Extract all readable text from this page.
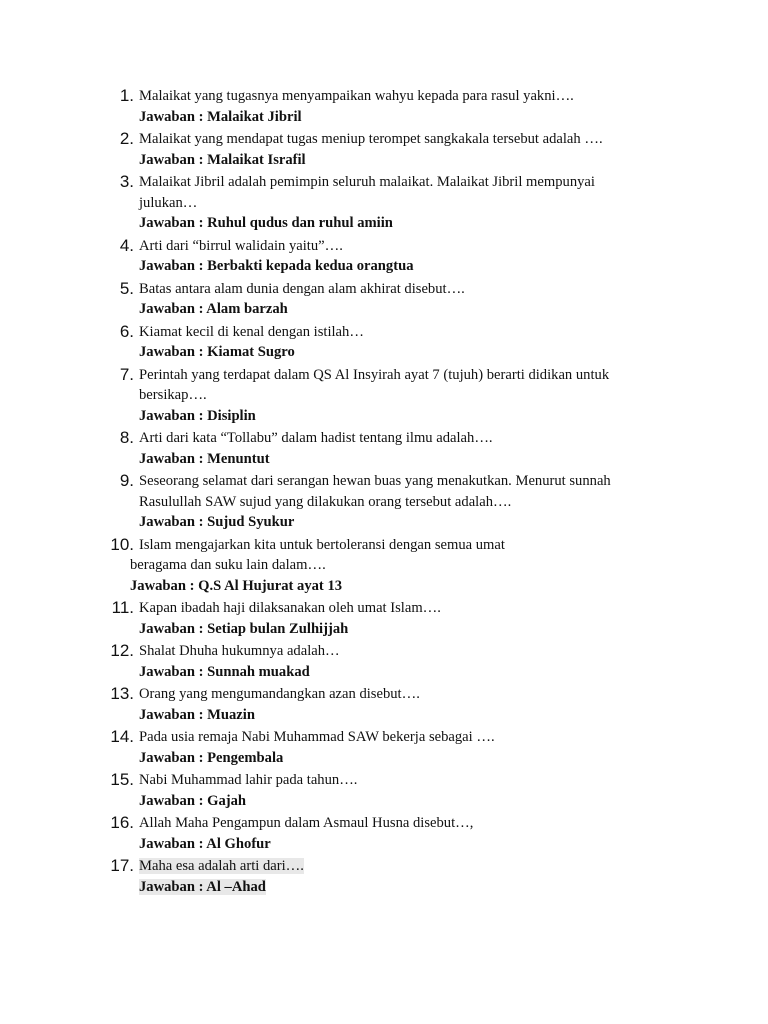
1. Malaikat yang tugasnya menyampaikan wahyu kepada para rasul yakni….
Jawaban : Malaikat Jibril
2. Malaikat yang mendapat tugas meniup terompet sangkakala tersebut adalah ….
Jawaban : Malaikat Israfil
3. Malaikat Jibril adalah pemimpin seluruh malaikat. Malaikat Jibril mempunyai julukan…
Jawaban : Ruhul qudus dan ruhul amiin
4. Arti dari “birrul walidain yaitu”….
Jawaban : Berbakti kepada kedua orangtua
5. Batas antara alam dunia dengan alam akhirat disebut….
Jawaban : Alam barzah
6. Kiamat kecil di kenal dengan istilah…
Jawaban : Kiamat Sugro
7. Perintah yang terdapat dalam QS Al Insyirah ayat 7 (tujuh) berarti didikan untuk bersikap….
Jawaban : Disiplin
8. Arti dari kata “Tollabu” dalam hadist tentang ilmu adalah….
Jawaban : Menuntut
9. Seseorang selamat dari serangan hewan buas yang menakutkan. Menurut sunnah Rasulullah SAW sujud yang dilakukan orang tersebut adalah….
Jawaban : Sujud Syukur
10. Islam mengajarkan kita untuk bertoleransi dengan semua umat
beragama dan suku lain dalam….
Jawaban : Q.S Al Hujurat ayat 13
11. Kapan ibadah haji dilaksanakan oleh umat Islam….
Jawaban : Setiap bulan Zulhijjah
12. Shalat Dhuha hukumnya adalah…
Jawaban : Sunnah muakad
13. Orang yang mengumandangkan azan disebut….
Jawaban : Muazin
14. Pada usia remaja Nabi Muhammad SAW bekerja sebagai ….
Jawaban : Pengembala
15. Nabi Muhammad lahir pada tahun….
Jawaban : Gajah
16. Allah Maha Pengampun dalam Asmaul Husna disebut…,
Jawaban : Al Ghofur
17. Maha esa adalah arti dari….
Jawaban : Al –Ahad
